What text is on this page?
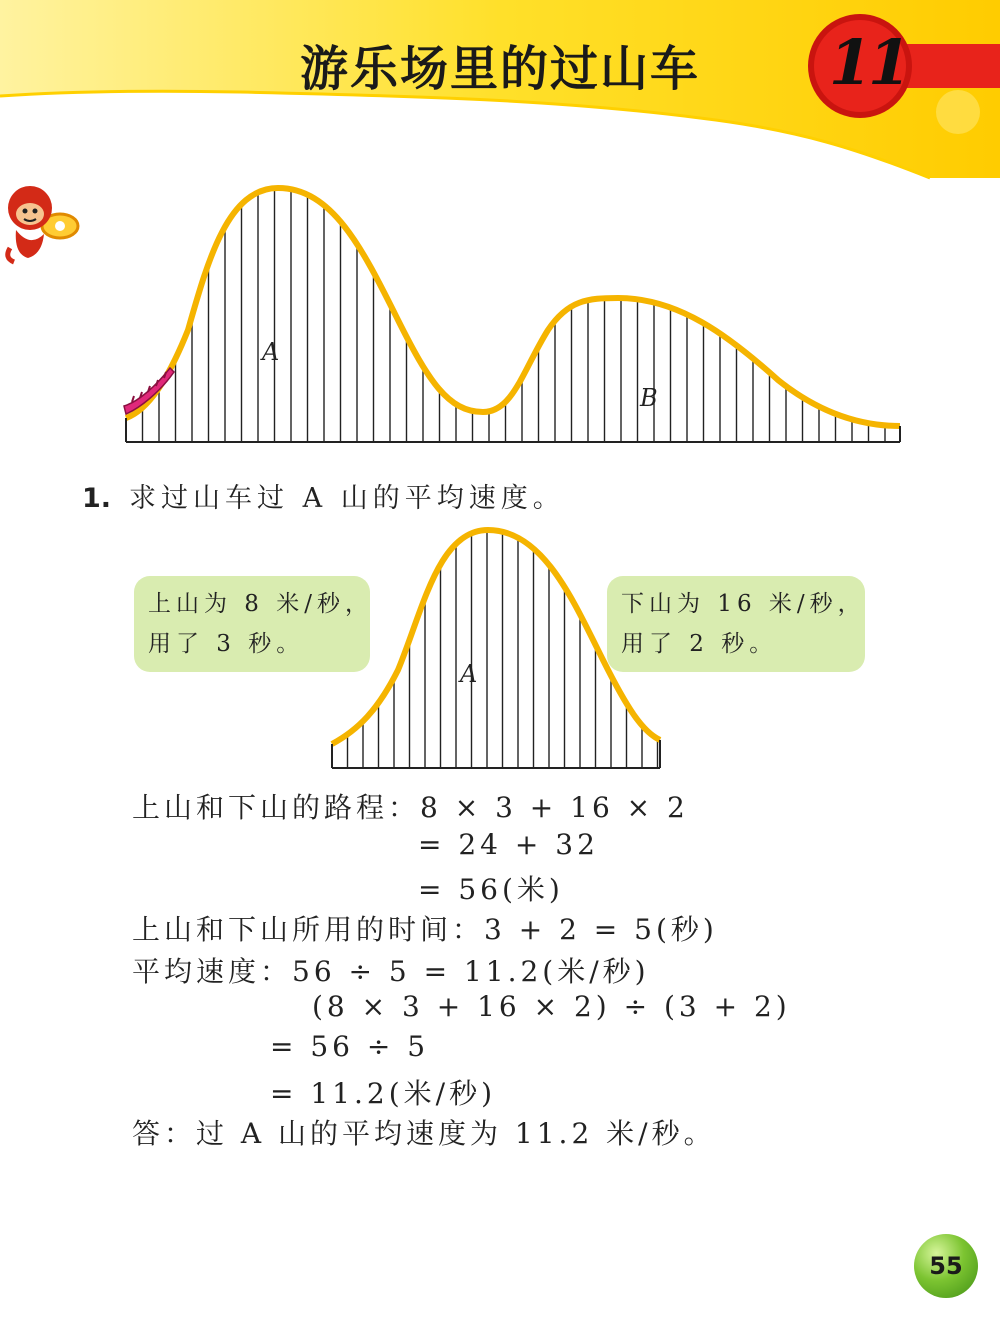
游乐场里的过山车	11
A
B
1. 求过山车过 A 山的平均速度。
上山为 8 米/秒，
用了 3 秒。
下山为 16 米/秒，
用了 2 秒。
A
上山和下山的路程：8 × 3 + 16 × 2
= 24 + 32
= 56(米)
上山和下山所用的时间：3 + 2 = 5(秒)
平均速度：56 ÷ 5 = 11.2(米/秒)
(8 × 3 + 16 × 2) ÷ (3 + 2)
= 56 ÷ 5
= 11.2(米/秒)
答：过 A 山的平均速度为 11.2 米/秒。
55
